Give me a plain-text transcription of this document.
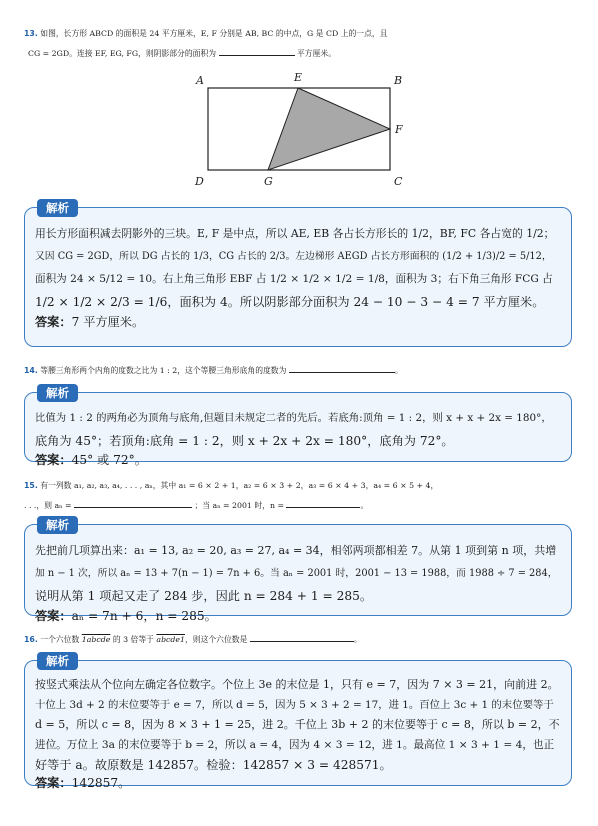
13. 如图，长方形 ABCD 的面积是 24 平方厘米，E, F 分别是 AB, BC 的中点，G 是 CD 上的一点，且
CG = 2GD。连接 EF, EG, FG，则阴影部分的面积为	平方厘米。
A	E	B
F
D	G	C
解析
用长方形面积减去阴影外的三块。E, F 是中点，所以 AE, EB 各占长方形长的 1/2，BF, FC 各占宽的 1/2；
又因 CG = 2GD，所以 DG 占长的 1/3，CG 占长的 2/3。左边梯形 AEGD 占长方形面积的 (1/2 + 1/3)/2 = 5/12，
面积为 24 × 5/12 = 10。右上角三角形 EBF 占 1/2 × 1/2 × 1/2 = 1/8，面积为 3；右下角三角形 FCG 占
1/2 × 1/2 × 2/3 = 1/6，面积为 4。所以阴影部分面积为 24 − 10 − 3 − 4 = 7 平方厘米。
答案：7 平方厘米。
14. 等腰三角形两个内角的度数之比为 1 : 2，这个等腰三角形底角的度数为	。
解析
比值为 1 : 2 的两角必为顶角与底角,但题目未规定二者的先后。若底角:顶角 = 1 : 2，则 x + x + 2x = 180°，
底角为 45°；若顶角:底角 = 1 : 2，则 x + 2x + 2x = 180°，底角为 72°。
答案：45° 或 72°。
15. 有一列数 a₁, a₂, a₃, a₄, . . . , aₙ，其中 a₁ = 6 × 2 + 1，a₂ = 6 × 3 + 2，a₃ = 6 × 4 + 3，a₄ = 6 × 5 + 4，
. . .，则 aₙ =	；当 aₙ = 2001 时，n =	。
解析
先把前几项算出来：a₁ = 13, a₂ = 20, a₃ = 27, a₄ = 34，相邻两项都相差 7。从第 1 项到第 n 项，共增
加 n − 1 次，所以 aₙ = 13 + 7(n − 1) = 7n + 6。当 aₙ = 2001 时，2001 − 13 = 1988，而 1988 ÷ 7 = 284，
说明从第 1 项起又走了 284 步，因此 n = 284 + 1 = 285。
答案：aₙ = 7n + 6，n = 285。
16. 一个六位数 1abcde 的 3 倍等于 abcde1，则这个六位数是	。
解析
按竖式乘法从个位向左确定各位数字。个位上 3e 的末位是 1，只有 e = 7，因为 7 × 3 = 21，向前进 2。
十位上 3d + 2 的末位要等于 e = 7，所以 d = 5，因为 5 × 3 + 2 = 17，进 1。百位上 3c + 1 的末位要等于
d = 5，所以 c = 8，因为 8 × 3 + 1 = 25，进 2。千位上 3b + 2 的末位要等于 c = 8，所以 b = 2，不
进位。万位上 3a 的末位要等于 b = 2，所以 a = 4，因为 4 × 3 = 12，进 1。最高位 1 × 3 + 1 = 4，也正
好等于 a。故原数是 142857。检验：142857 × 3 = 428571。
答案：142857。
